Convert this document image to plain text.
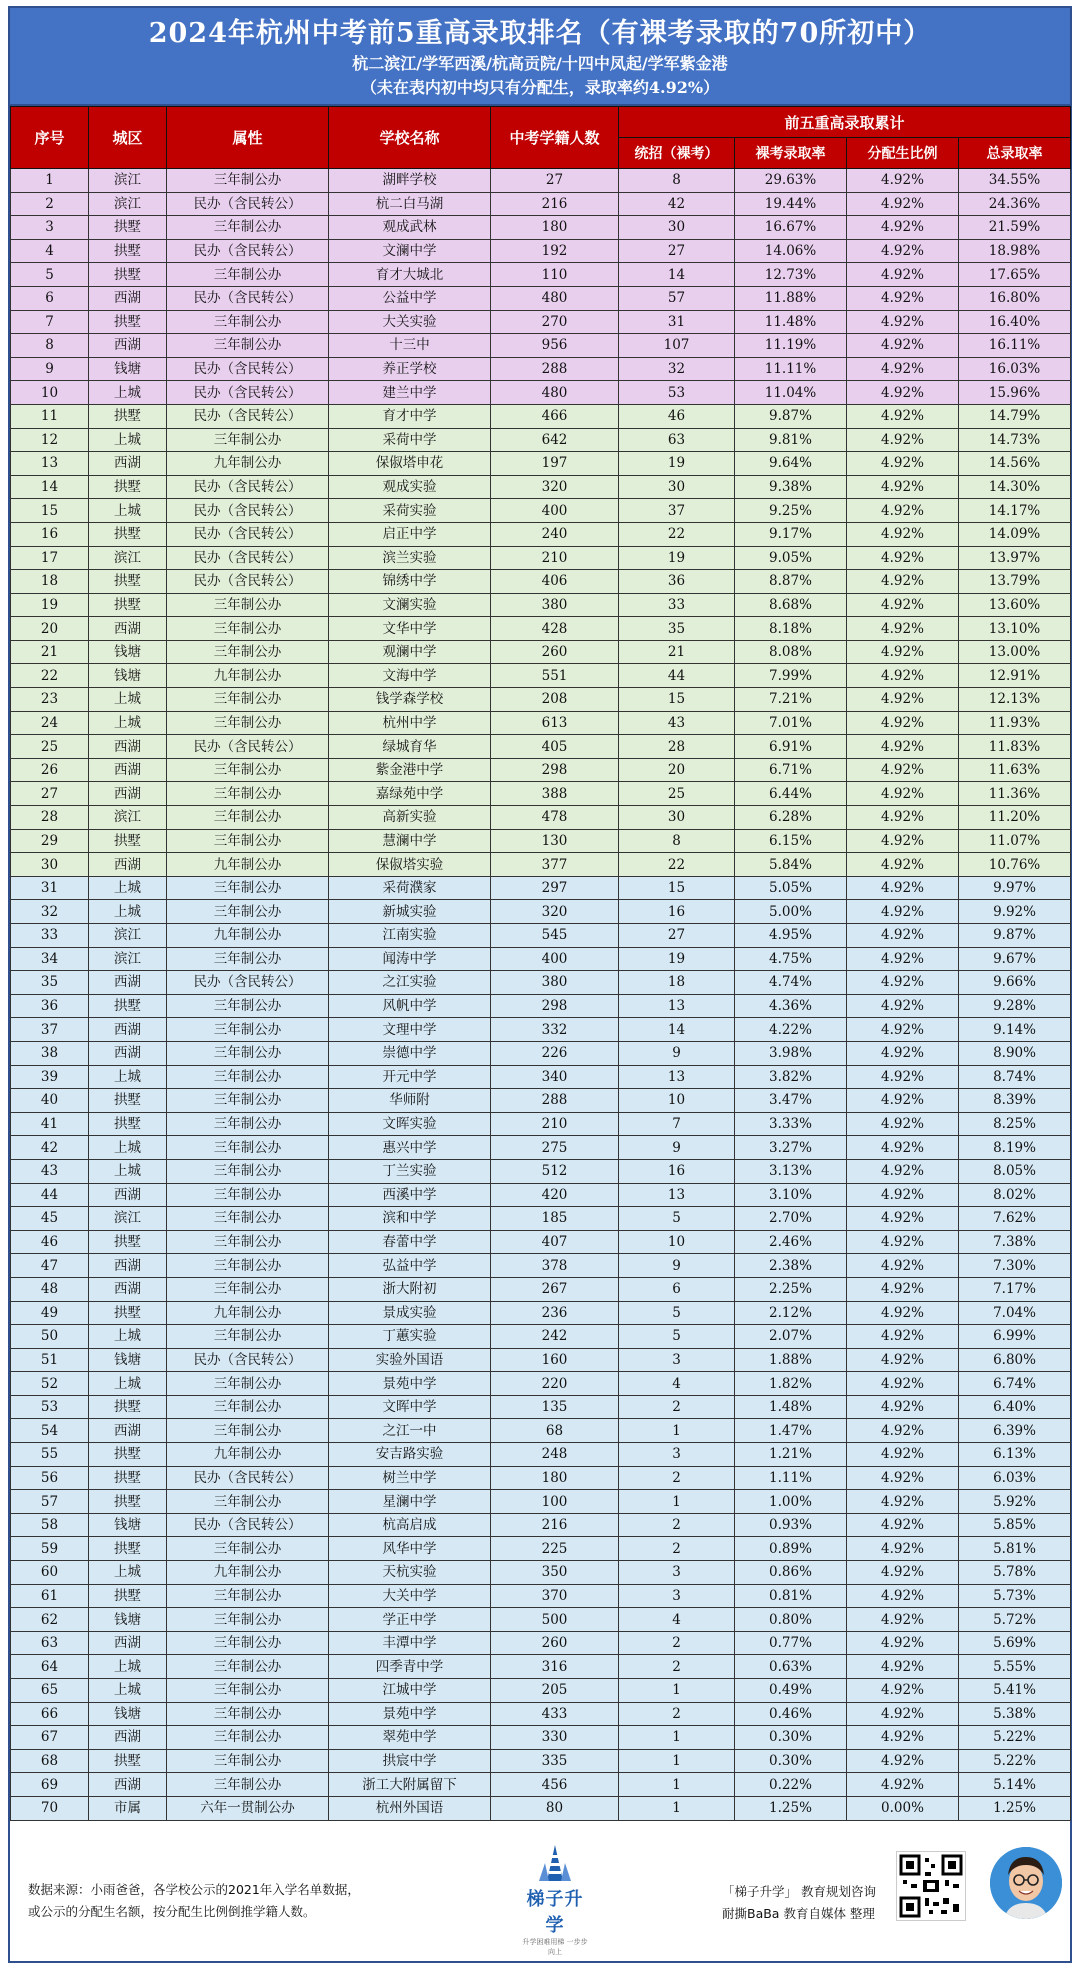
2024年杭州中考前5重高录取排名（有裸考录取的70所初中）
杭二滨江/学军西溪/杭高贡院/十四中凤起/学军紫金港
（未在表内初中均只有分配生，录取率约4.92%）
序号	城区	属性	学校名称	中考学籍人数	前五重高录取累计			
					统招（裸考）	裸考录取率	分配生比例	总录取率
1	滨江	三年制公办	湖畔学校	27	8	29.63%	4.92%	34.55%
2	滨江	民办（含民转公）	杭二白马湖	216	42	19.44%	4.92%	24.36%
3	拱墅	三年制公办	观成武林	180	30	16.67%	4.92%	21.59%
4	拱墅	民办（含民转公）	文澜中学	192	27	14.06%	4.92%	18.98%
5	拱墅	三年制公办	育才大城北	110	14	12.73%	4.92%	17.65%
6	西湖	民办（含民转公）	公益中学	480	57	11.88%	4.92%	16.80%
7	拱墅	三年制公办	大关实验	270	31	11.48%	4.92%	16.40%
8	西湖	三年制公办	十三中	956	107	11.19%	4.92%	16.11%
9	钱塘	民办（含民转公）	养正学校	288	32	11.11%	4.92%	16.03%
10	上城	民办（含民转公）	建兰中学	480	53	11.04%	4.92%	15.96%
11	拱墅	民办（含民转公）	育才中学	466	46	9.87%	4.92%	14.79%
12	上城	三年制公办	采荷中学	642	63	9.81%	4.92%	14.73%
13	西湖	九年制公办	保俶塔申花	197	19	9.64%	4.92%	14.56%
14	拱墅	民办（含民转公）	观成实验	320	30	9.38%	4.92%	14.30%
15	上城	民办（含民转公）	采荷实验	400	37	9.25%	4.92%	14.17%
16	拱墅	民办（含民转公）	启正中学	240	22	9.17%	4.92%	14.09%
17	滨江	民办（含民转公）	滨兰实验	210	19	9.05%	4.92%	13.97%
18	拱墅	民办（含民转公）	锦绣中学	406	36	8.87%	4.92%	13.79%
19	拱墅	三年制公办	文澜实验	380	33	8.68%	4.92%	13.60%
20	西湖	三年制公办	文华中学	428	35	8.18%	4.92%	13.10%
21	钱塘	三年制公办	观澜中学	260	21	8.08%	4.92%	13.00%
22	钱塘	九年制公办	文海中学	551	44	7.99%	4.92%	12.91%
23	上城	三年制公办	钱学森学校	208	15	7.21%	4.92%	12.13%
24	上城	三年制公办	杭州中学	613	43	7.01%	4.92%	11.93%
25	西湖	民办（含民转公）	绿城育华	405	28	6.91%	4.92%	11.83%
26	西湖	三年制公办	紫金港中学	298	20	6.71%	4.92%	11.63%
27	西湖	三年制公办	嘉绿苑中学	388	25	6.44%	4.92%	11.36%
28	滨江	三年制公办	高新实验	478	30	6.28%	4.92%	11.20%
29	拱墅	三年制公办	慧澜中学	130	8	6.15%	4.92%	11.07%
30	西湖	九年制公办	保俶塔实验	377	22	5.84%	4.92%	10.76%
31	上城	三年制公办	采荷濮家	297	15	5.05%	4.92%	9.97%
32	上城	三年制公办	新城实验	320	16	5.00%	4.92%	9.92%
33	滨江	九年制公办	江南实验	545	27	4.95%	4.92%	9.87%
34	滨江	三年制公办	闻涛中学	400	19	4.75%	4.92%	9.67%
35	西湖	民办（含民转公）	之江实验	380	18	4.74%	4.92%	9.66%
36	拱墅	三年制公办	风帆中学	298	13	4.36%	4.92%	9.28%
37	西湖	三年制公办	文理中学	332	14	4.22%	4.92%	9.14%
38	西湖	三年制公办	崇德中学	226	9	3.98%	4.92%	8.90%
39	上城	三年制公办	开元中学	340	13	3.82%	4.92%	8.74%
40	拱墅	三年制公办	华师附	288	10	3.47%	4.92%	8.39%
41	拱墅	三年制公办	文晖实验	210	7	3.33%	4.92%	8.25%
42	上城	三年制公办	惠兴中学	275	9	3.27%	4.92%	8.19%
43	上城	三年制公办	丁兰实验	512	16	3.13%	4.92%	8.05%
44	西湖	三年制公办	西溪中学	420	13	3.10%	4.92%	8.02%
45	滨江	三年制公办	滨和中学	185	5	2.70%	4.92%	7.62%
46	拱墅	三年制公办	春蕾中学	407	10	2.46%	4.92%	7.38%
47	西湖	三年制公办	弘益中学	378	9	2.38%	4.92%	7.30%
48	西湖	三年制公办	浙大附初	267	6	2.25%	4.92%	7.17%
49	拱墅	九年制公办	景成实验	236	5	2.12%	4.92%	7.04%
50	上城	三年制公办	丁蕙实验	242	5	2.07%	4.92%	6.99%
51	钱塘	民办（含民转公）	实验外国语	160	3	1.88%	4.92%	6.80%
52	上城	三年制公办	景苑中学	220	4	1.82%	4.92%	6.74%
53	拱墅	三年制公办	文晖中学	135	2	1.48%	4.92%	6.40%
54	西湖	三年制公办	之江一中	68	1	1.47%	4.92%	6.39%
55	拱墅	九年制公办	安吉路实验	248	3	1.21%	4.92%	6.13%
56	拱墅	民办（含民转公）	树兰中学	180	2	1.11%	4.92%	6.03%
57	拱墅	三年制公办	星澜中学	100	1	1.00%	4.92%	5.92%
58	钱塘	民办（含民转公）	杭高启成	216	2	0.93%	4.92%	5.85%
59	拱墅	三年制公办	风华中学	225	2	0.89%	4.92%	5.81%
60	上城	九年制公办	天杭实验	350	3	0.86%	4.92%	5.78%
61	拱墅	三年制公办	大关中学	370	3	0.81%	4.92%	5.73%
62	钱塘	三年制公办	学正中学	500	4	0.80%	4.92%	5.72%
63	西湖	三年制公办	丰潭中学	260	2	0.77%	4.92%	5.69%
64	上城	三年制公办	四季青中学	316	2	0.63%	4.92%	5.55%
65	上城	三年制公办	江城中学	205	1	0.49%	4.92%	5.41%
66	钱塘	三年制公办	景苑中学	433	2	0.46%	4.92%	5.38%
67	西湖	三年制公办	翠苑中学	330	1	0.30%	4.92%	5.22%
68	拱墅	三年制公办	拱宸中学	335	1	0.30%	4.92%	5.22%
69	西湖	三年制公办	浙工大附属留下	456	1	0.22%	4.92%	5.14%
70	市属	六年一贯制公办	杭州外国语	80	1	1.25%	0.00%	1.25%
数据来源：小雨爸爸，各学校公示的2021年入学名单数据，
或公示的分配生名额，按分配生比例倒推学籍人数。
梯子升学
升学困难用梯 一步步向上
「梯子升学」 教育规划咨询
耐撕BaBa 教育自媒体 整理
